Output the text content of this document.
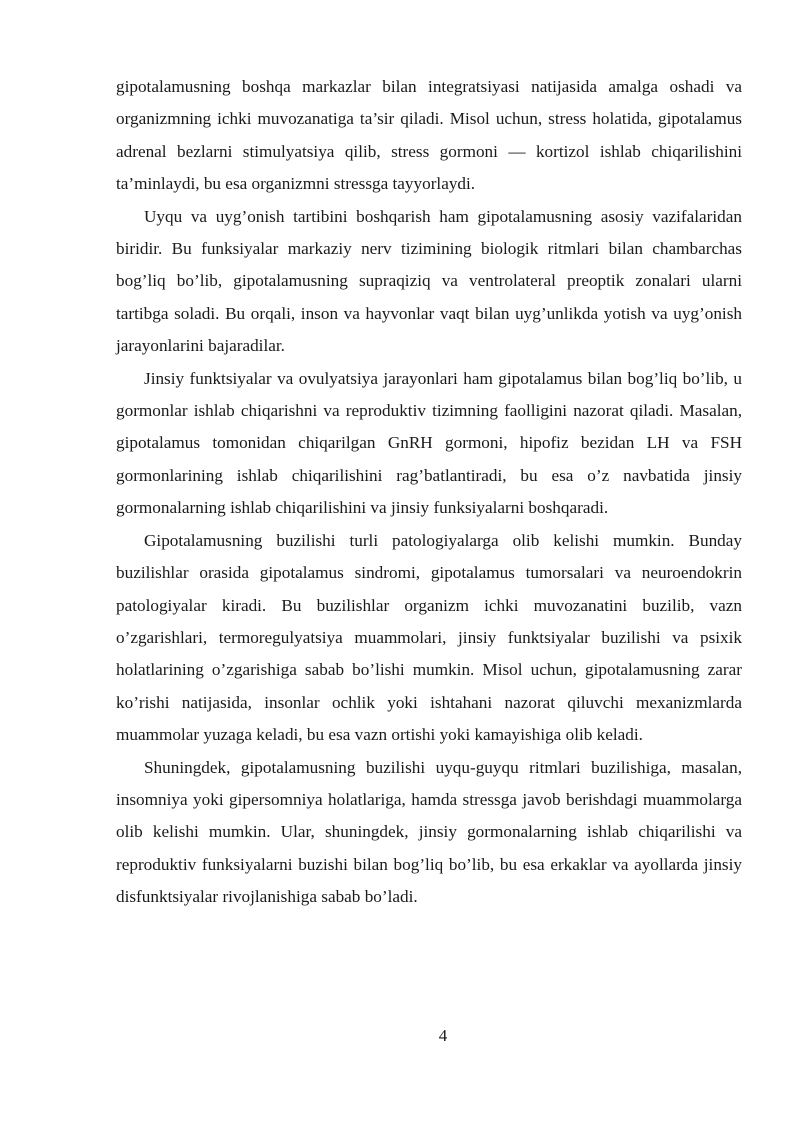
gipotalamusning boshqa markazlar bilan integratsiyasi natijasida amalga oshadi va organizmning ichki muvozanatiga ta’sir qiladi. Misol uchun, stress holatida, gipotalamus adrenal bezlarni stimulyatsiya qilib, stress gormoni — kortizol ishlab chiqarilishini ta’minlaydi, bu esa organizmni stressga tayyorlaydi.

Uyqu va uyg’onish tartibini boshqarish ham gipotalamusning asosiy vazifalaridan biridir. Bu funksiyalar markaziy nerv tizimining biologik ritmlari bilan chambarchas bog’liq bo’lib, gipotalamusning supraqiziq va ventrolateral preoptik zonalari ularni tartibga soladi. Bu orqali, inson va hayvonlar vaqt bilan uyg’unlikda yotish va uyg’onish jarayonlarini bajaradilar.

Jinsiy funktsiyalar va ovulyatsiya jarayonlari ham gipotalamus bilan bog’liq bo’lib, u gormonlar ishlab chiqarishni va reproduktiv tizimning faolligini nazorat qiladi. Masalan, gipotalamus tomonidan chiqarilgan GnRH gormoni, hipofiz bezidan LH va FSH gormonlarining ishlab chiqarilishini rag’batlantiradi, bu esa o’z navbatida jinsiy gormonalarning ishlab chiqarilishini va jinsiy funksiyalarni boshqaradi.

Gipotalamusning buzilishi turli patologiyalarga olib kelishi mumkin. Bunday buzilishlar orasida gipotalamus sindromi, gipotalamus tumorsalari va neuroendokrin patologiyalar kiradi. Bu buzilishlar organizm ichki muvozanatini buzilib, vazn o’zgarishlari, termoregulyatsiya muammolari, jinsiy funktsiyalar buzilishi va psixik holatlarining o’zgarishiga sabab bo’lishi mumkin. Misol uchun, gipotalamusning zarar ko’rishi natijasida, insonlar ochlik yoki ishtahani nazorat qiluvchi mexanizmlarda muammolar yuzaga keladi, bu esa vazn ortishi yoki kamayishiga olib keladi.

Shuningdek, gipotalamusning buzilishi uyqu-guyqu ritmlari buzilishiga, masalan, insomniya yoki gipersomniya holatlariga, hamda stressga javob berishdagi muammolarga olib kelishi mumkin. Ular, shuningdek, jinsiy gormonalarning ishlab chiqarilishi va reproduktiv funksiyalarni buzishi bilan bog’liq bo’lib, bu esa erkaklar va ayollarda jinsiy disfunktsiyalar rivojlanishiga sabab bo’ladi.

4
